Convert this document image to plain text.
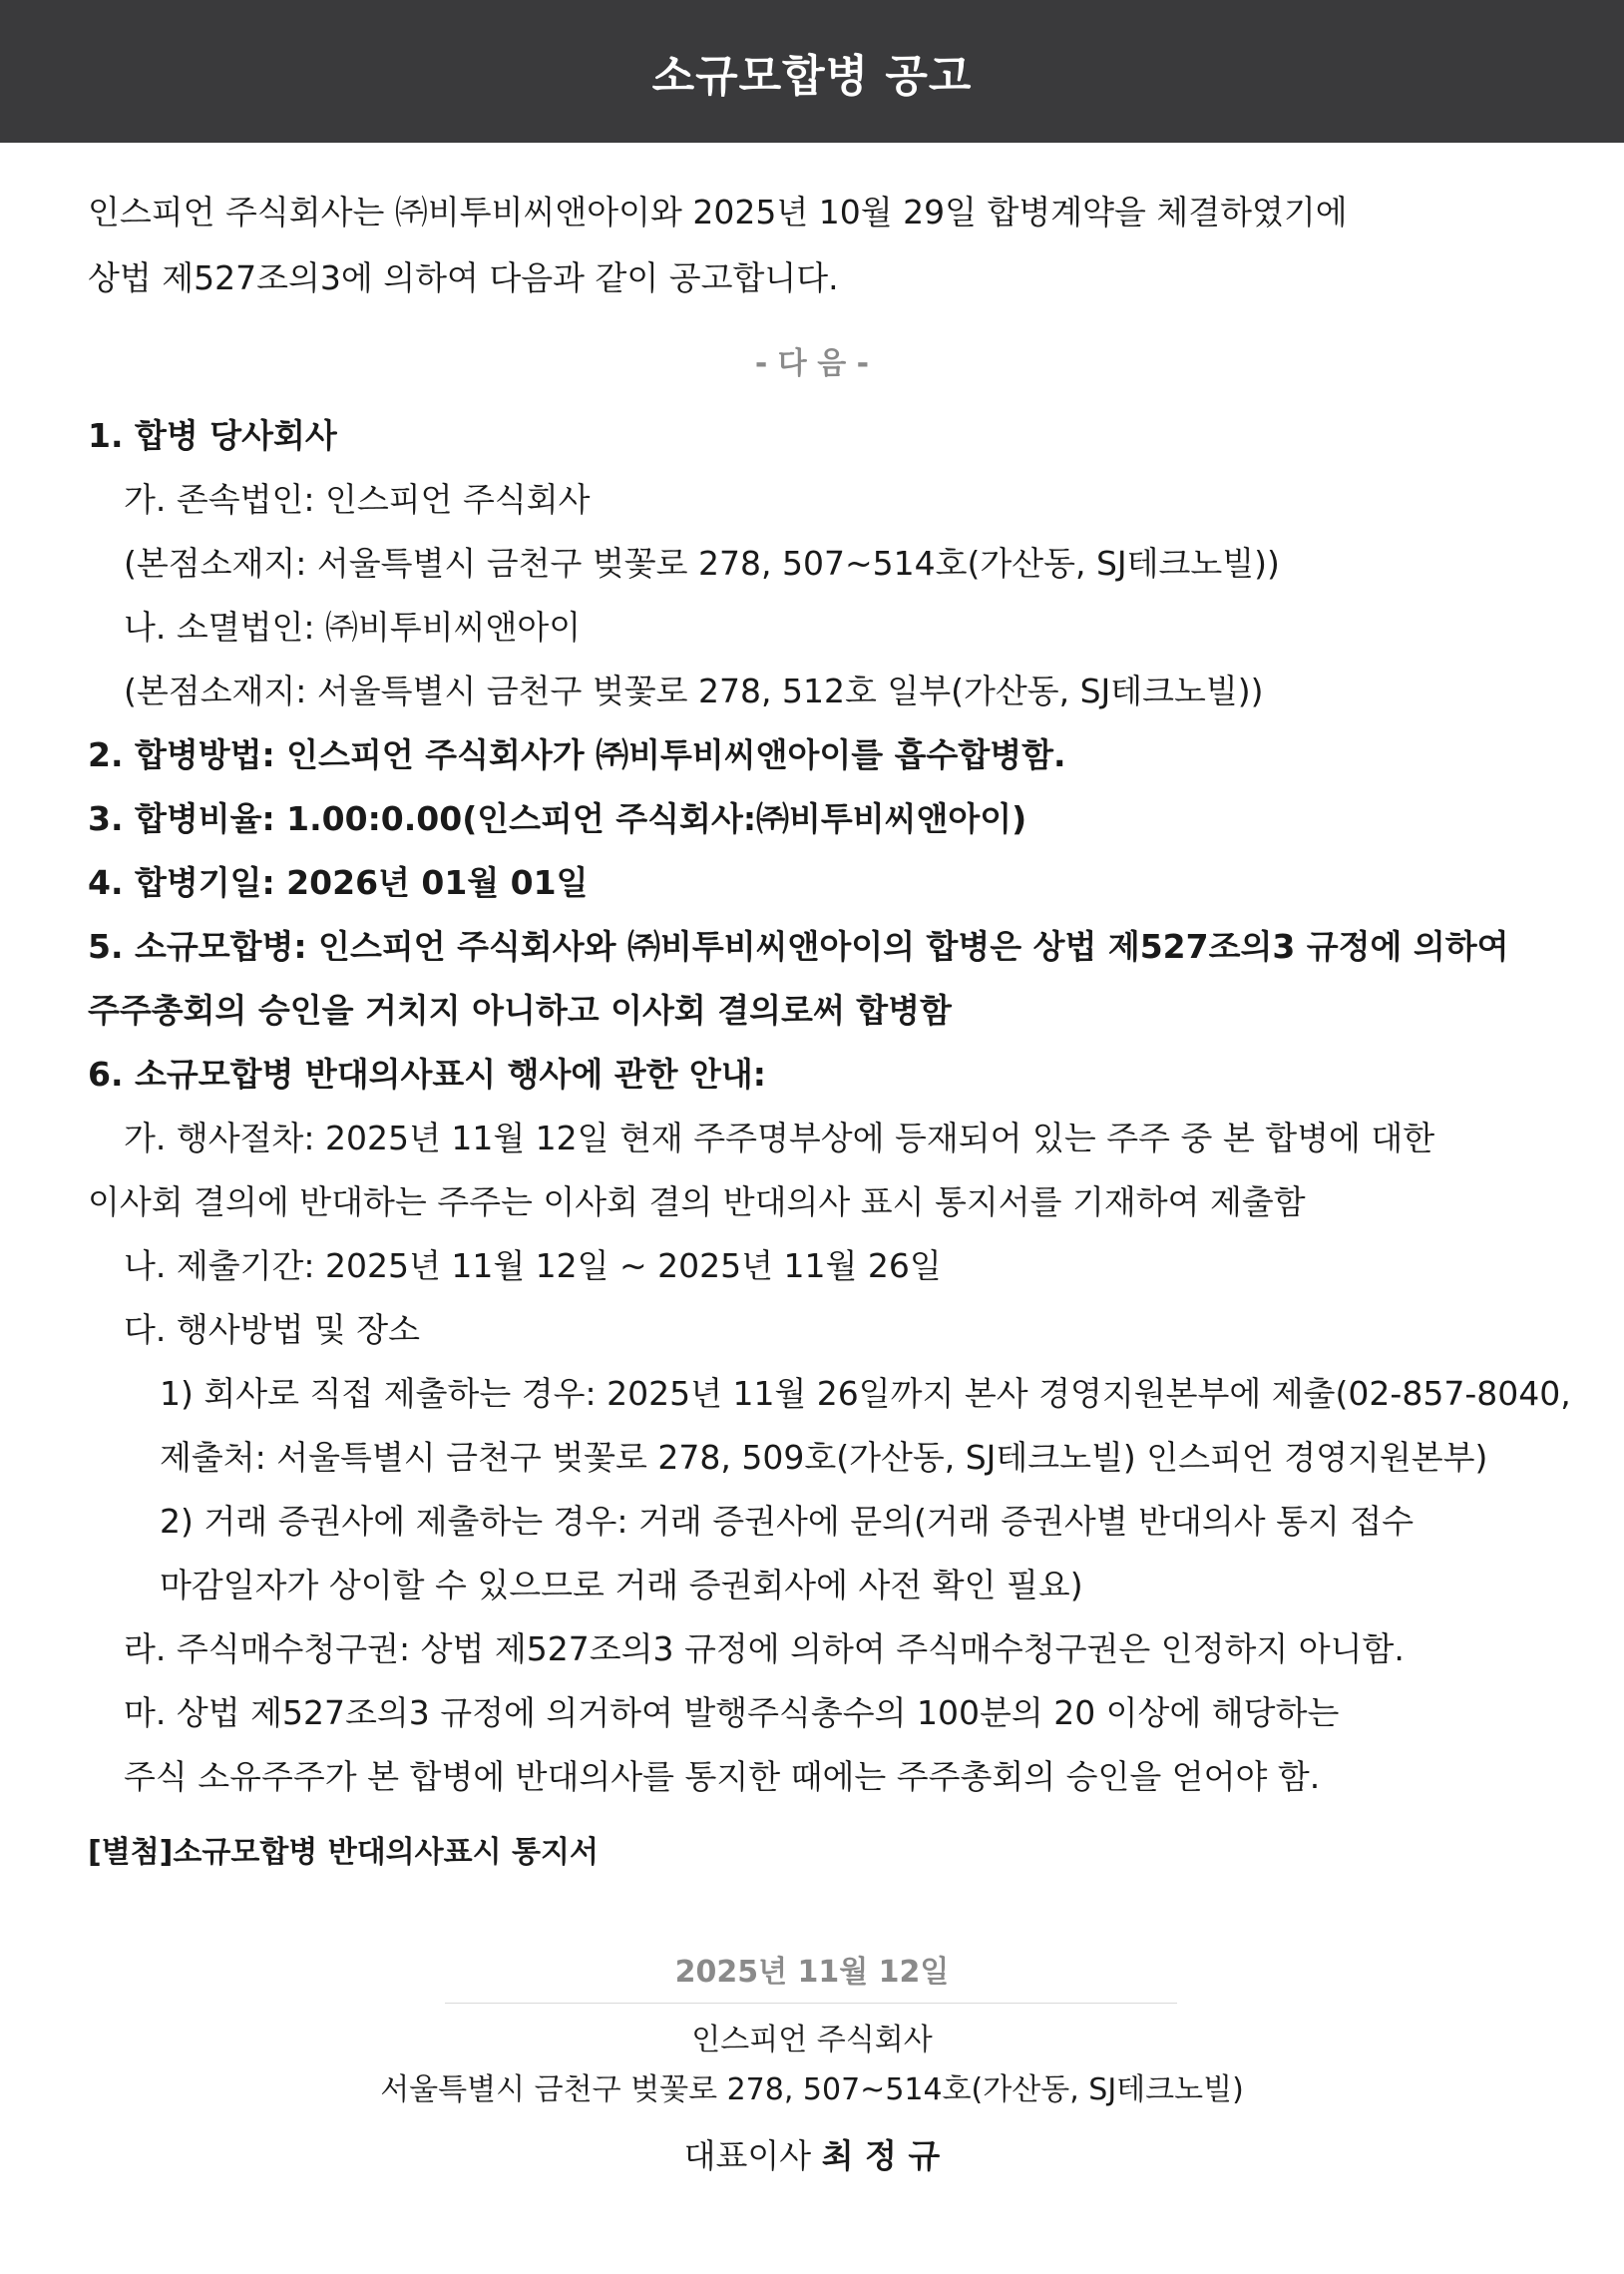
소규모합병 공고
인스피언 주식회사는 ㈜비투비씨앤아이와 2025년 10월 29일 합병계약을 체결하였기에
상법 제527조의3에 의하여 다음과 같이 공고합니다.
- 다 음 -
1. 합병 당사회사
가. 존속법인: 인스피언 주식회사
(본점소재지: 서울특별시 금천구 벚꽃로 278, 507~514호(가산동, SJ테크노빌))
나. 소멸법인: ㈜비투비씨앤아이
(본점소재지: 서울특별시 금천구 벚꽃로 278, 512호 일부(가산동, SJ테크노빌))
2. 합병방법: 인스피언 주식회사가 ㈜비투비씨앤아이를 흡수합병함.
3. 합병비율: 1.00:0.00(인스피언 주식회사:㈜비투비씨앤아이)
4. 합병기일: 2026년 01월 01일
5. 소규모합병: 인스피언 주식회사와 ㈜비투비씨앤아이의 합병은 상법 제527조의3 규정에 의하여
주주총회의 승인을 거치지 아니하고 이사회 결의로써 합병함
6. 소규모합병 반대의사표시 행사에 관한 안내:
가. 행사절차: 2025년 11월 12일 현재 주주명부상에 등재되어 있는 주주 중 본 합병에 대한
이사회 결의에 반대하는 주주는 이사회 결의 반대의사 표시 통지서를 기재하여 제출함
나. 제출기간: 2025년 11월 12일 ~ 2025년 11월 26일
다. 행사방법 및 장소
1) 회사로 직접 제출하는 경우: 2025년 11월 26일까지 본사 경영지원본부에 제출(02-857-8040,
제출처: 서울특별시 금천구 벚꽃로 278, 509호(가산동, SJ테크노빌) 인스피언 경영지원본부)
2) 거래 증권사에 제출하는 경우: 거래 증권사에 문의(거래 증권사별 반대의사 통지 접수
마감일자가 상이할 수 있으므로 거래 증권회사에 사전 확인 필요)
라. 주식매수청구권: 상법 제527조의3 규정에 의하여 주식매수청구권은 인정하지 아니함.
마. 상법 제527조의3 규정에 의거하여 발행주식총수의 100분의 20 이상에 해당하는
주식 소유주주가 본 합병에 반대의사를 통지한 때에는 주주총회의 승인을 얻어야 함.
[별첨]소규모합병 반대의사표시 통지서
2025년 11월 12일
인스피언 주식회사
서울특별시 금천구 벚꽃로 278, 507~514호(가산동, SJ테크노빌)
대표이사 최 정 규
